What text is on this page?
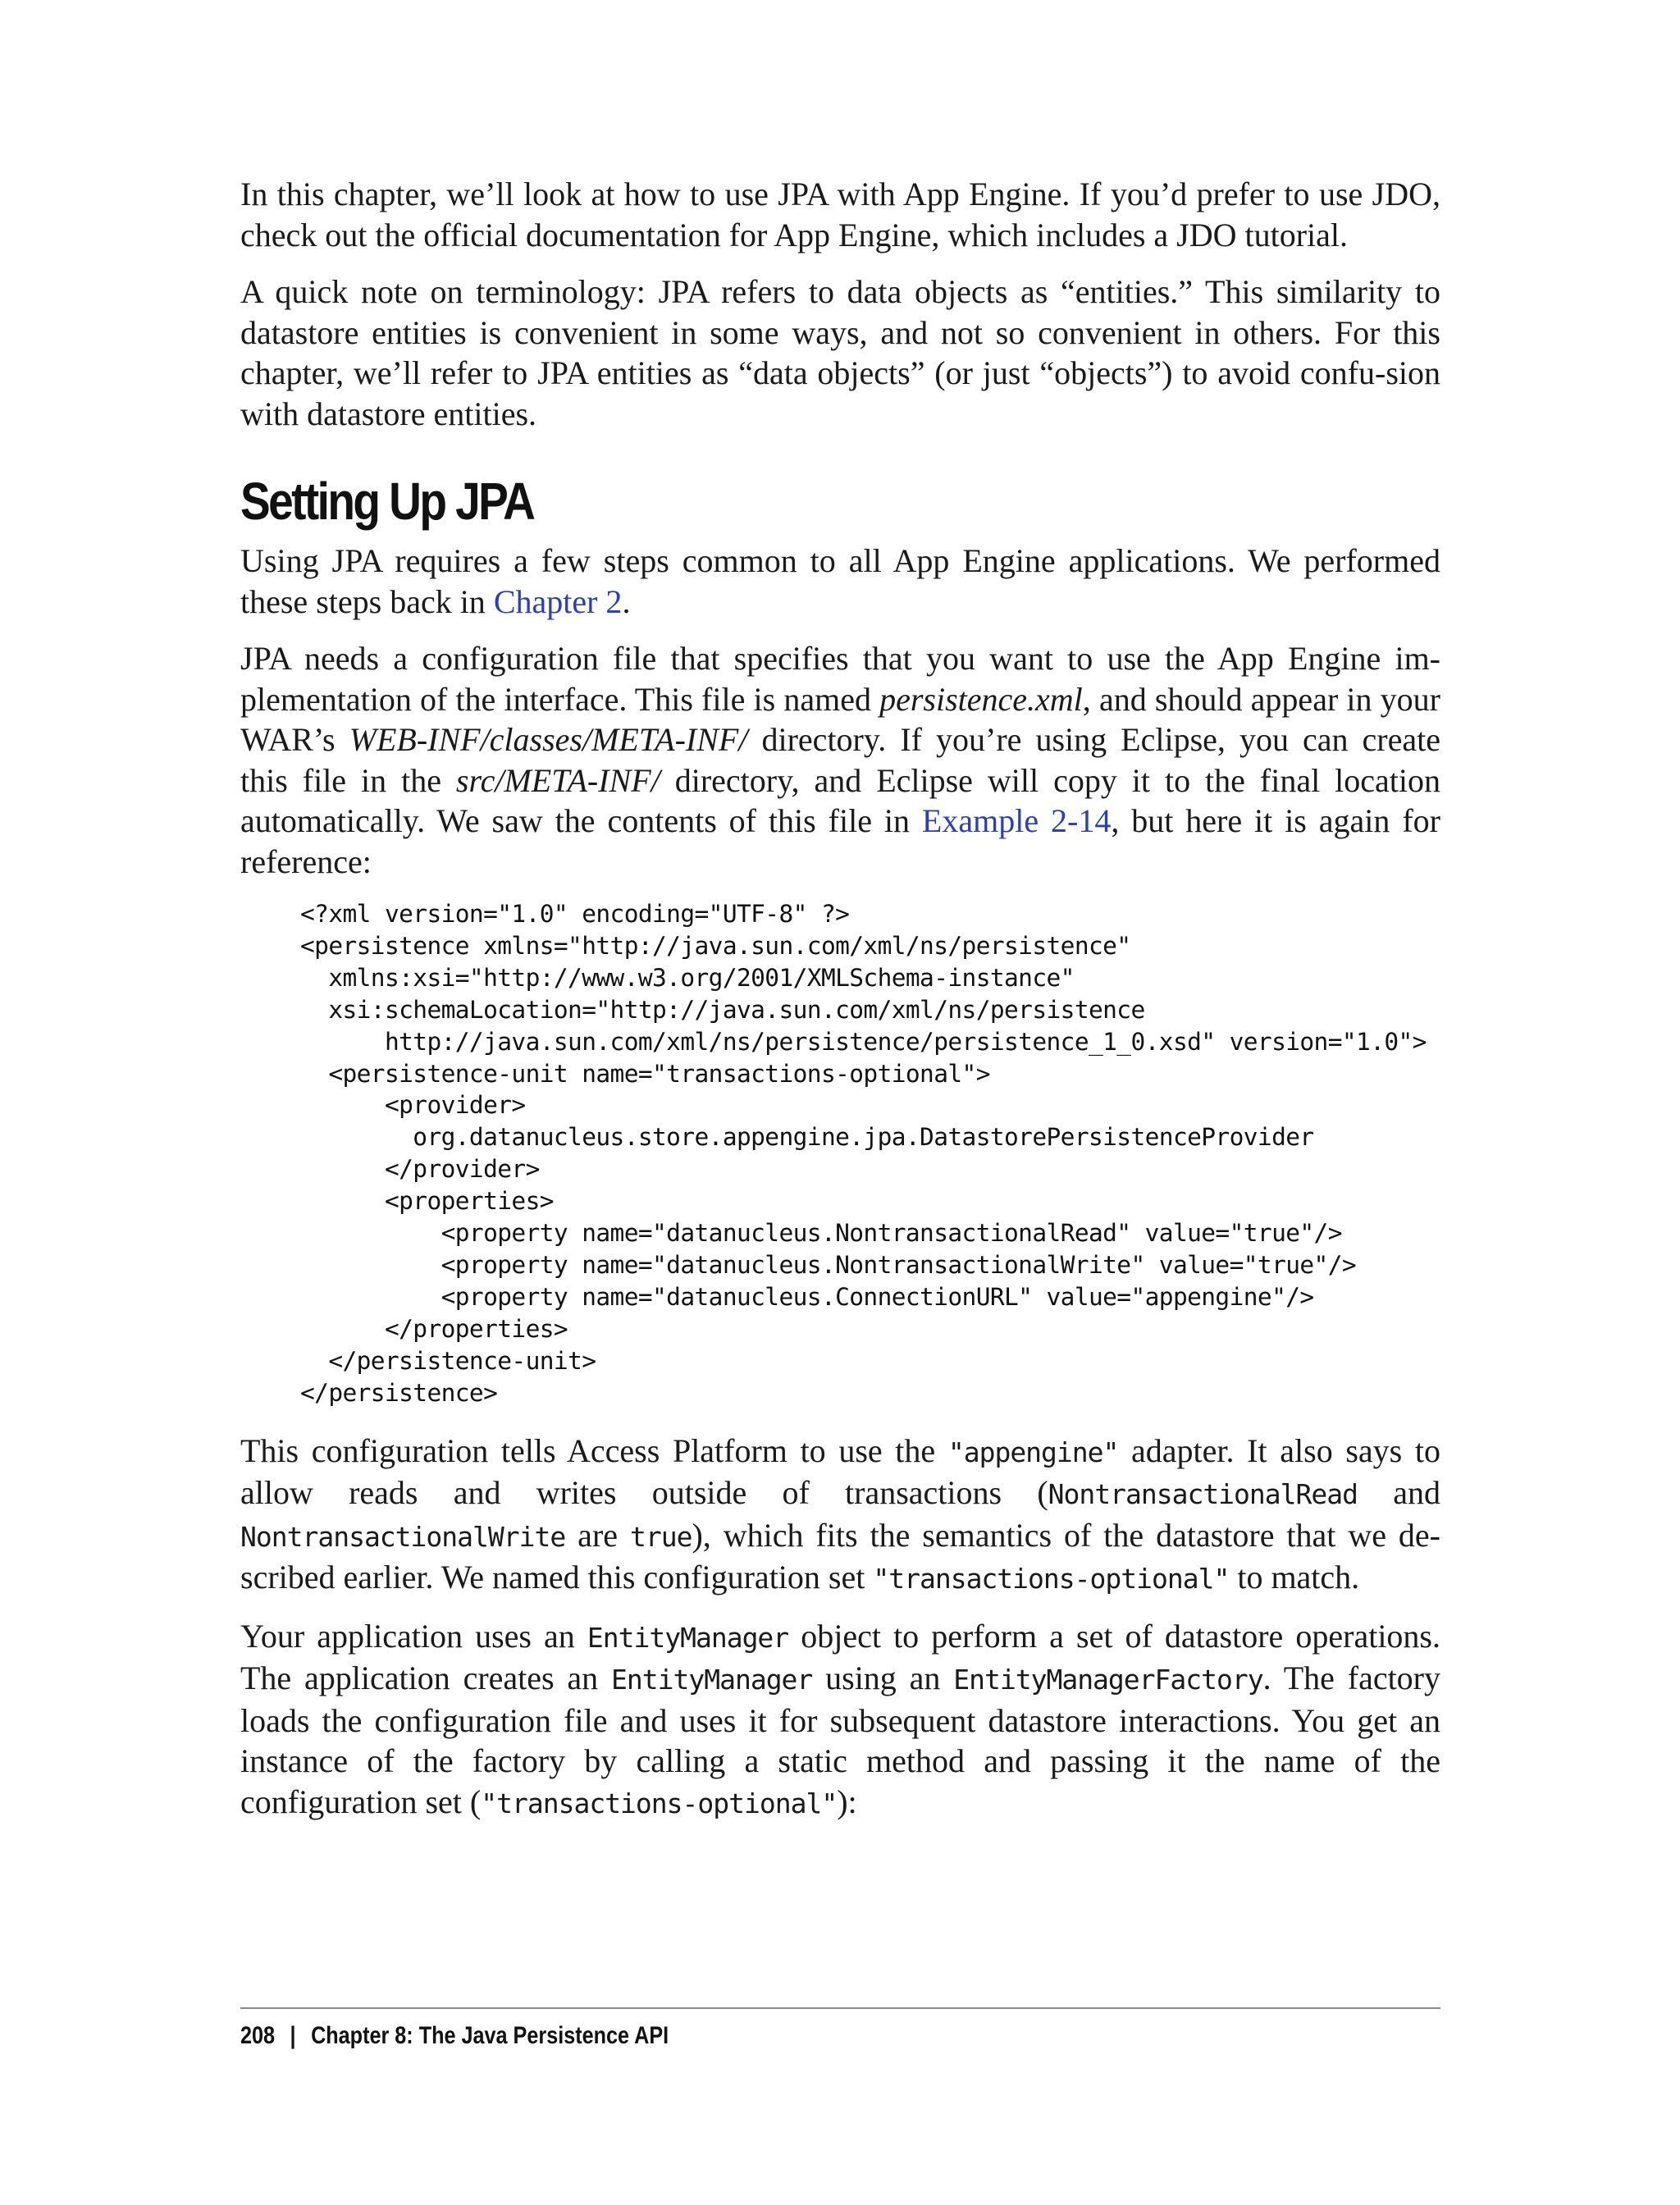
In this chapter, we’ll look at how to use JPA with App Engine. If you’d prefer to use JDO, check out the official documentation for App Engine, which includes a JDO tutorial.

A quick note on terminology: JPA refers to data objects as “entities.” This similarity to datastore entities is convenient in some ways, and not so convenient in others. For this chapter, we’ll refer to JPA entities as “data objects” (or just “objects”) to avoid confu-sion with datastore entities.

Setting Up JPA

Using JPA requires a few steps common to all App Engine applications. We performed these steps back in Chapter 2.

JPA needs a configuration file that specifies that you want to use the App Engine im-plementation of the interface. This file is named persistence.xml, and should appear in your WAR’s WEB-INF/classes/META-INF/ directory. If you’re using Eclipse, you can create this file in the src/META-INF/ directory, and Eclipse will copy it to the final location automatically. We saw the contents of this file in Example 2-14, but here it is again for reference:

<?xml version="1.0" encoding="UTF-8" ?>
<persistence xmlns="http://java.sun.com/xml/ns/persistence"
xmlns:xsi="http://www.w3.org/2001/XMLSchema-instance"
xsi:schemaLocation="http://java.sun.com/xml/ns/persistence
http://java.sun.com/xml/ns/persistence/persistence_1_0.xsd" version="1.0">
<persistence-unit name="transactions-optional">
<provider>
org.datanucleus.store.appengine.jpa.DatastorePersistenceProvider
</provider>
<properties>
<property name="datanucleus.NontransactionalRead" value="true"/>
<property name="datanucleus.NontransactionalWrite" value="true"/>
<property name="datanucleus.ConnectionURL" value="appengine"/>
</properties>
</persistence-unit>
</persistence>

This configuration tells Access Platform to use the "appengine" adapter. It also says to allow reads and writes outside of transactions (NontransactionalRead and NontransactionalWrite are true), which fits the semantics of the datastore that we de-scribed earlier. We named this configuration set "transactions-optional" to match.

Your application uses an EntityManager object to perform a set of datastore operations. The application creates an EntityManager using an EntityManagerFactory. The factory loads the configuration file and uses it for subsequent datastore interactions. You get an instance of the factory by calling a static method and passing it the name of the configuration set ("transactions-optional"):

208 | Chapter 8: The Java Persistence API
